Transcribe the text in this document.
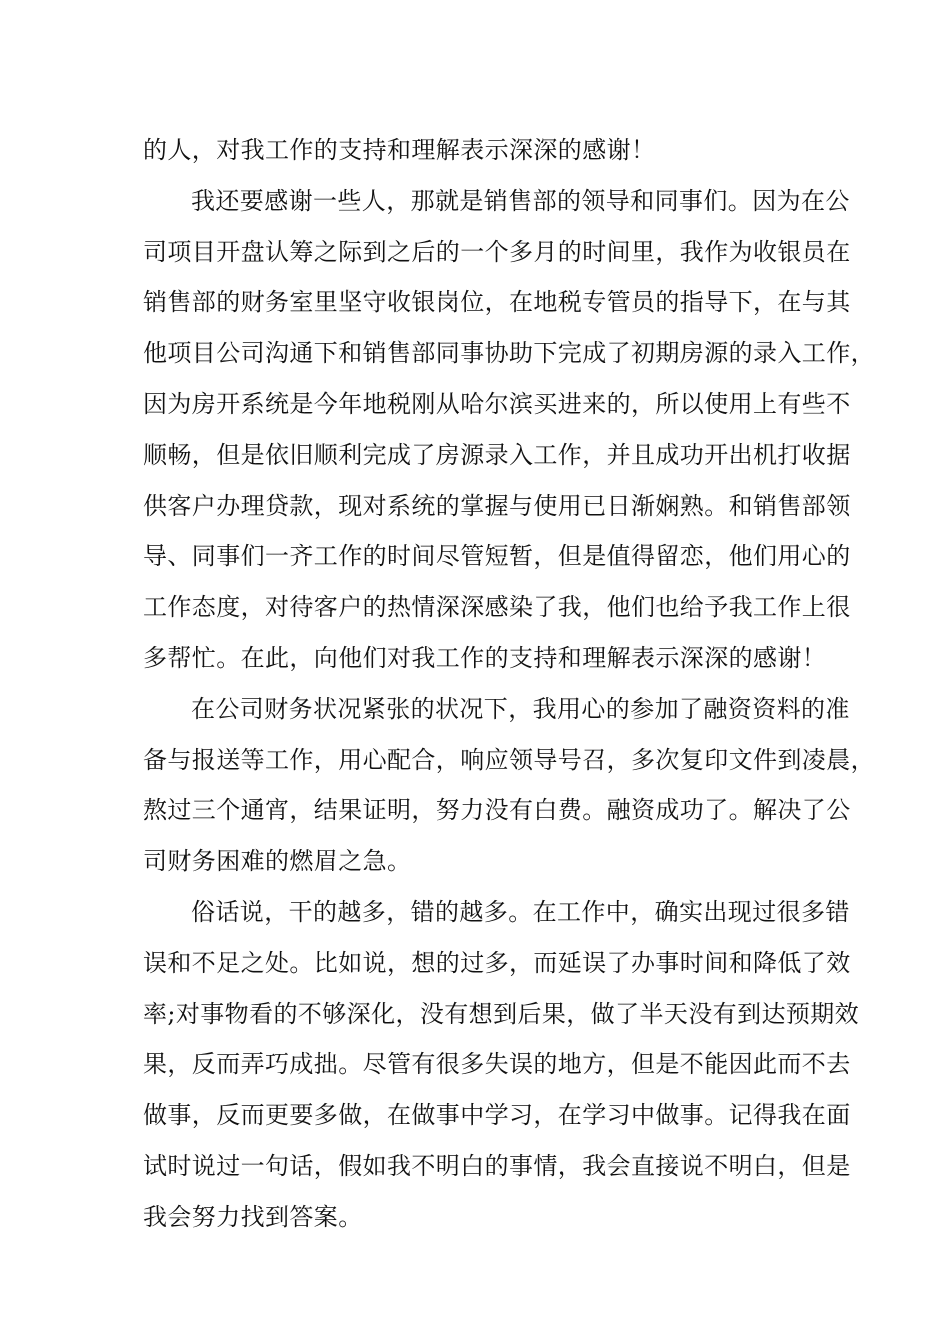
的人，对我工作的支持和理解表示深深的感谢！
我还要感谢一些人，那就是销售部的领导和同事们。因为在公
司项目开盘认筹之际到之后的一个多月的时间里，我作为收银员在
销售部的财务室里坚守收银岗位，在地税专管员的指导下，在与其
他项目公司沟通下和销售部同事协助下完成了初期房源的录入工作，
因为房开系统是今年地税刚从哈尔滨买进来的，所以使用上有些不
顺畅，但是依旧顺利完成了房源录入工作，并且成功开出机打收据
供客户办理贷款，现对系统的掌握与使用已日渐娴熟。和销售部领
导、同事们一齐工作的时间尽管短暂，但是值得留恋，他们用心的
工作态度，对待客户的热情深深感染了我，他们也给予我工作上很
多帮忙。在此，向他们对我工作的支持和理解表示深深的感谢！
在公司财务状况紧张的状况下，我用心的参加了融资资料的准
备与报送等工作，用心配合，响应领导号召，多次复印文件到凌晨，
熬过三个通宵，结果证明，努力没有白费。融资成功了。解决了公
司财务困难的燃眉之急。
俗话说，干的越多，错的越多。在工作中，确实出现过很多错
误和不足之处。比如说，想的过多，而延误了办事时间和降低了效
率;对事物看的不够深化，没有想到后果，做了半天没有到达预期效
果，反而弄巧成拙。尽管有很多失误的地方，但是不能因此而不去
做事，反而更要多做，在做事中学习，在学习中做事。记得我在面
试时说过一句话，假如我不明白的事情，我会直接说不明白，但是
我会努力找到答案。
